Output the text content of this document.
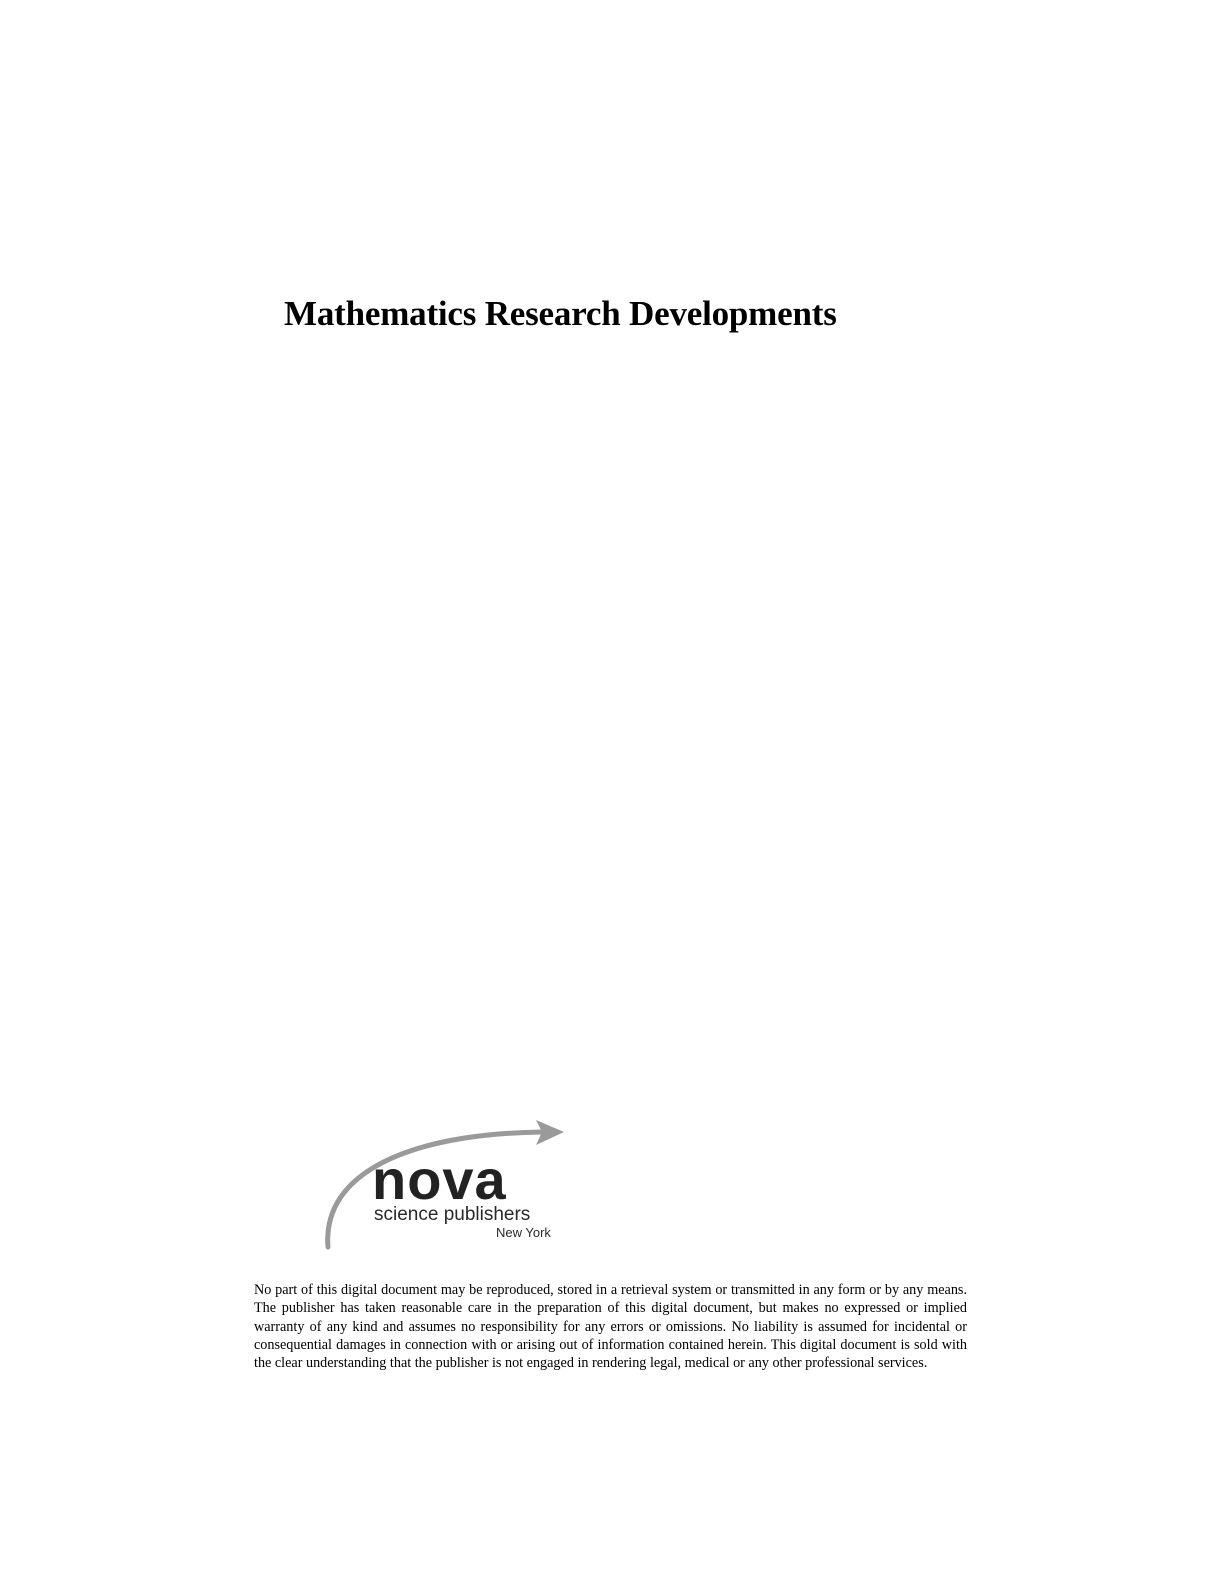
Mathematics Research Developments
nova
science publishers
New York

No part of this digital document may be reproduced, stored in a retrieval system or transmitted in any form or by any means. The publisher has taken reasonable care in the preparation of this digital document, but makes no expressed or implied warranty of any kind and assumes no responsibility for any errors or omissions. No liability is assumed for incidental or consequential damages in connection with or arising out of information contained herein. This digital document is sold with the clear understanding that the publisher is not engaged in rendering legal, medical or any other professional services.
